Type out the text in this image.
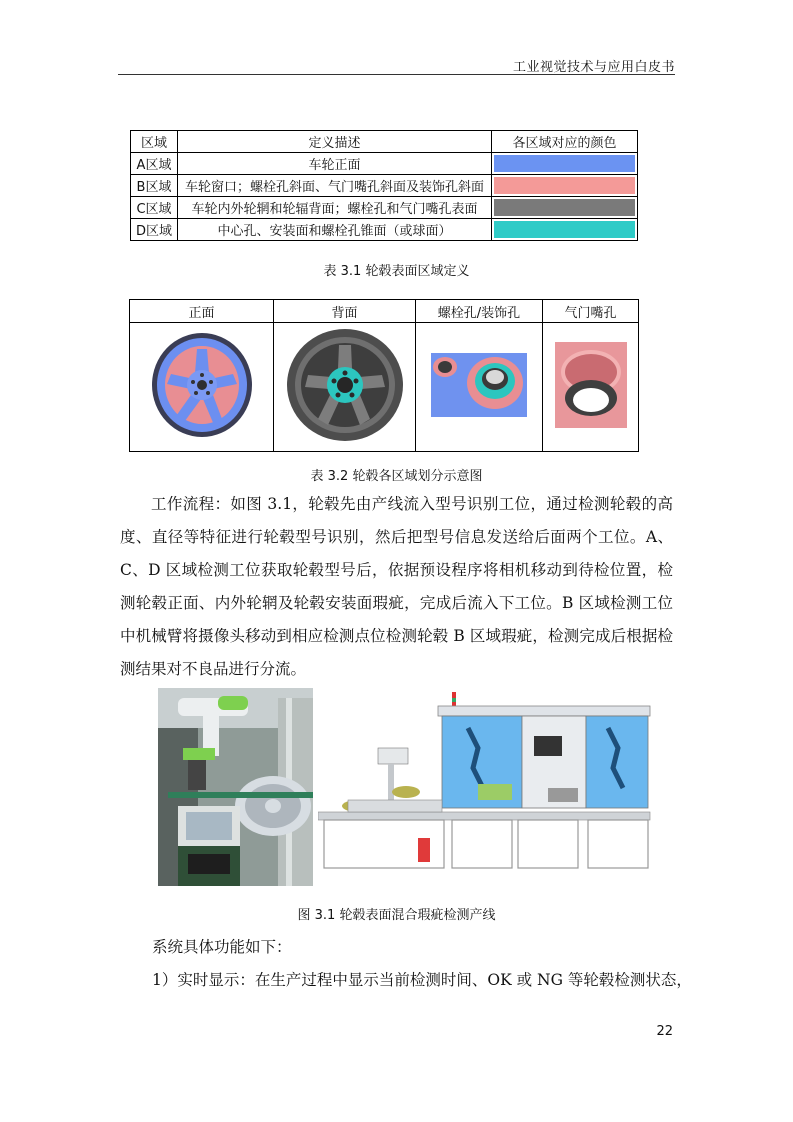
工业视觉技术与应用白皮书
区域	定义描述	各区域对应的颜色
A区域	车轮正面	

B区域	车轮窗口；螺栓孔斜面、气门嘴孔斜面及装饰孔斜面	

C区域	车轮内外轮辋和轮辐背面；螺栓孔和气门嘴孔表面	

D区域	中心孔、安装面和螺栓孔锥面（或球面）	
表 3.1 轮毂表面区域定义
正面	背面	螺栓孔/装饰孔	气门嘴孔

表 3.2 轮毂各区域划分示意图
工作流程：如图 3.1，轮毂先由产线流入型号识别工位，通过检测轮毂的高度、直径等特征进行轮毂型号识别，然后把型号信息发送给后面两个工位。A、C、D 区域检测工位获取轮毂型号后，依据预设程序将相机移动到待检位置，检测轮毂正面、内外轮辋及轮毂安装面瑕疵，完成后流入下工位。B 区域检测工位中机械臂将摄像头移动到相应检测点位检测轮毂 B 区域瑕疵，检测完成后根据检测结果对不良品进行分流。
图 3.1 轮毂表面混合瑕疵检测产线
系统具体功能如下：
1）实时显示：在生产过程中显示当前检测时间、OK 或 NG 等轮毂检测状态，
22
